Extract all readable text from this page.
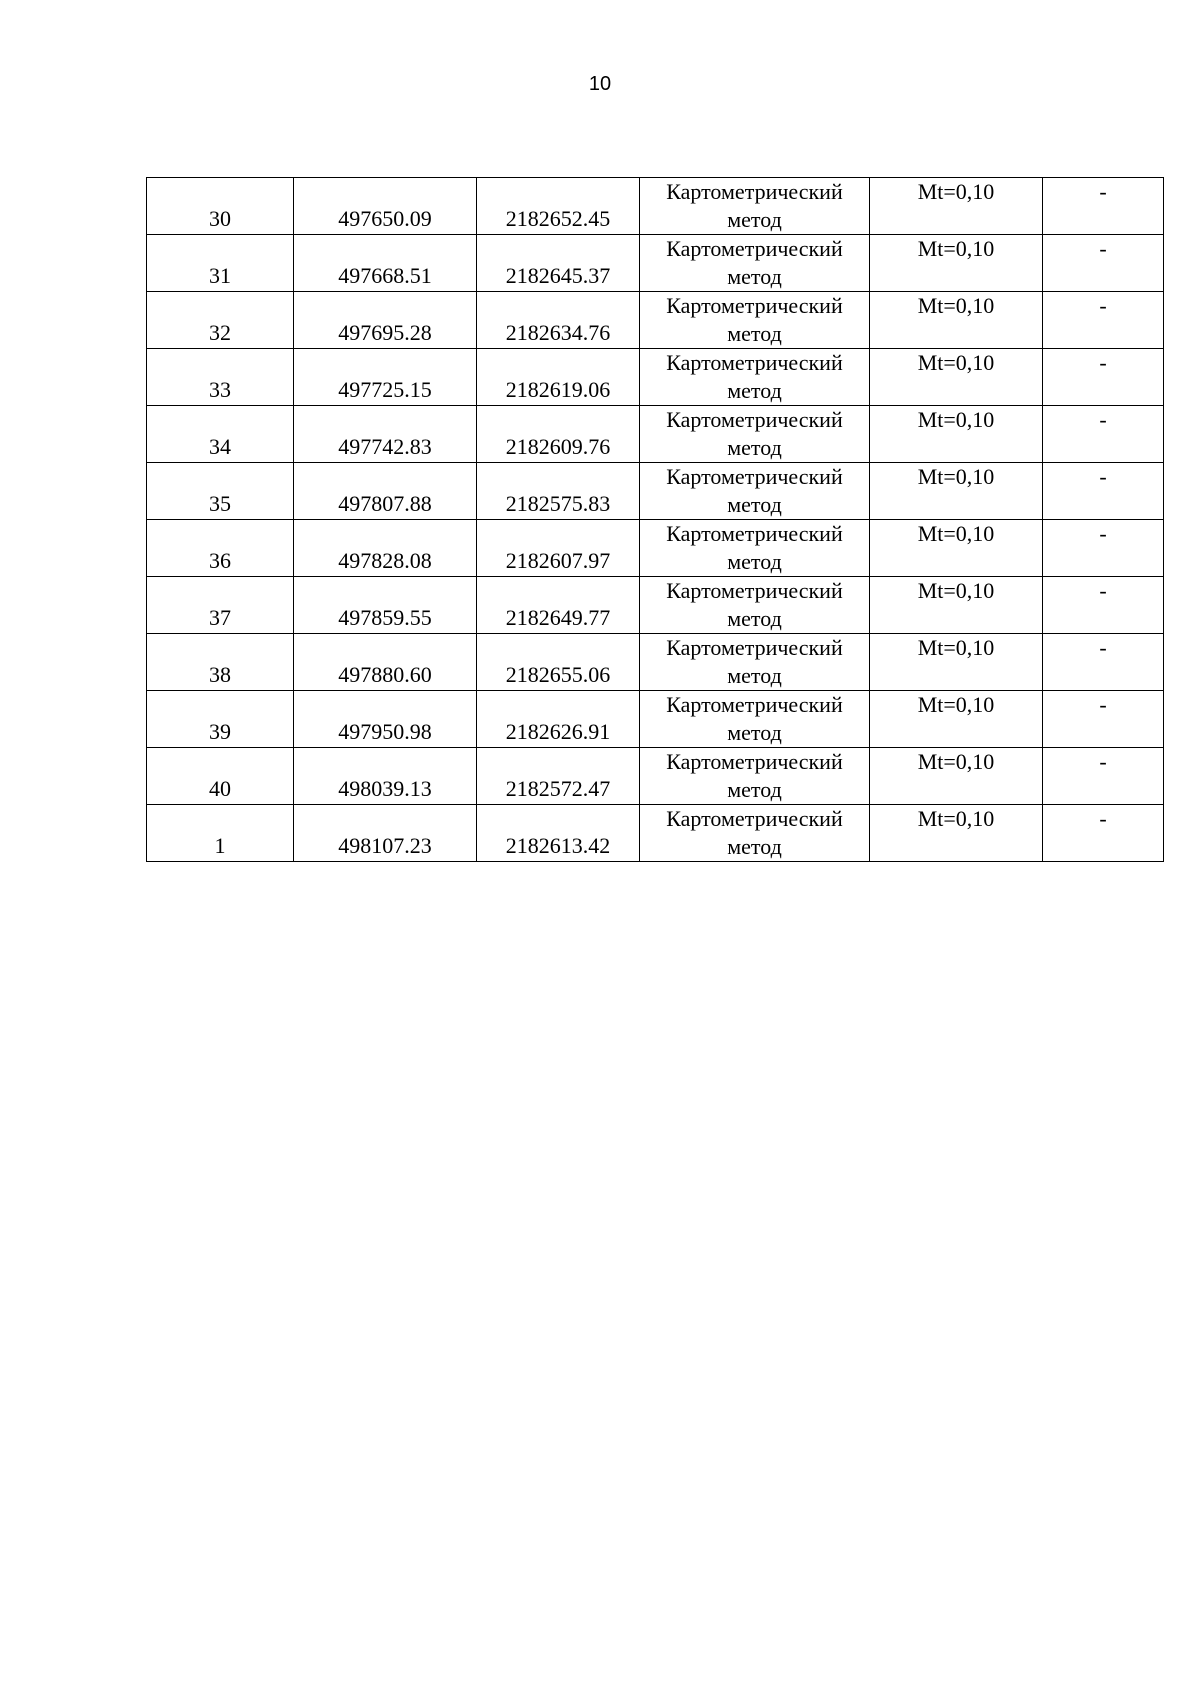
10
30	497650.09	2182652.45	Картометрический метод	Mt=0,10	-
31	497668.51	2182645.37	Картометрический метод	Mt=0,10	-
32	497695.28	2182634.76	Картометрический метод	Mt=0,10	-
33	497725.15	2182619.06	Картометрический метод	Mt=0,10	-
34	497742.83	2182609.76	Картометрический метод	Mt=0,10	-
35	497807.88	2182575.83	Картометрический метод	Mt=0,10	-
36	497828.08	2182607.97	Картометрический метод	Mt=0,10	-
37	497859.55	2182649.77	Картометрический метод	Mt=0,10	-
38	497880.60	2182655.06	Картометрический метод	Mt=0,10	-
39	497950.98	2182626.91	Картометрический метод	Mt=0,10	-
40	498039.13	2182572.47	Картометрический метод	Mt=0,10	-
1	498107.23	2182613.42	Картометрический метод	Mt=0,10	-
